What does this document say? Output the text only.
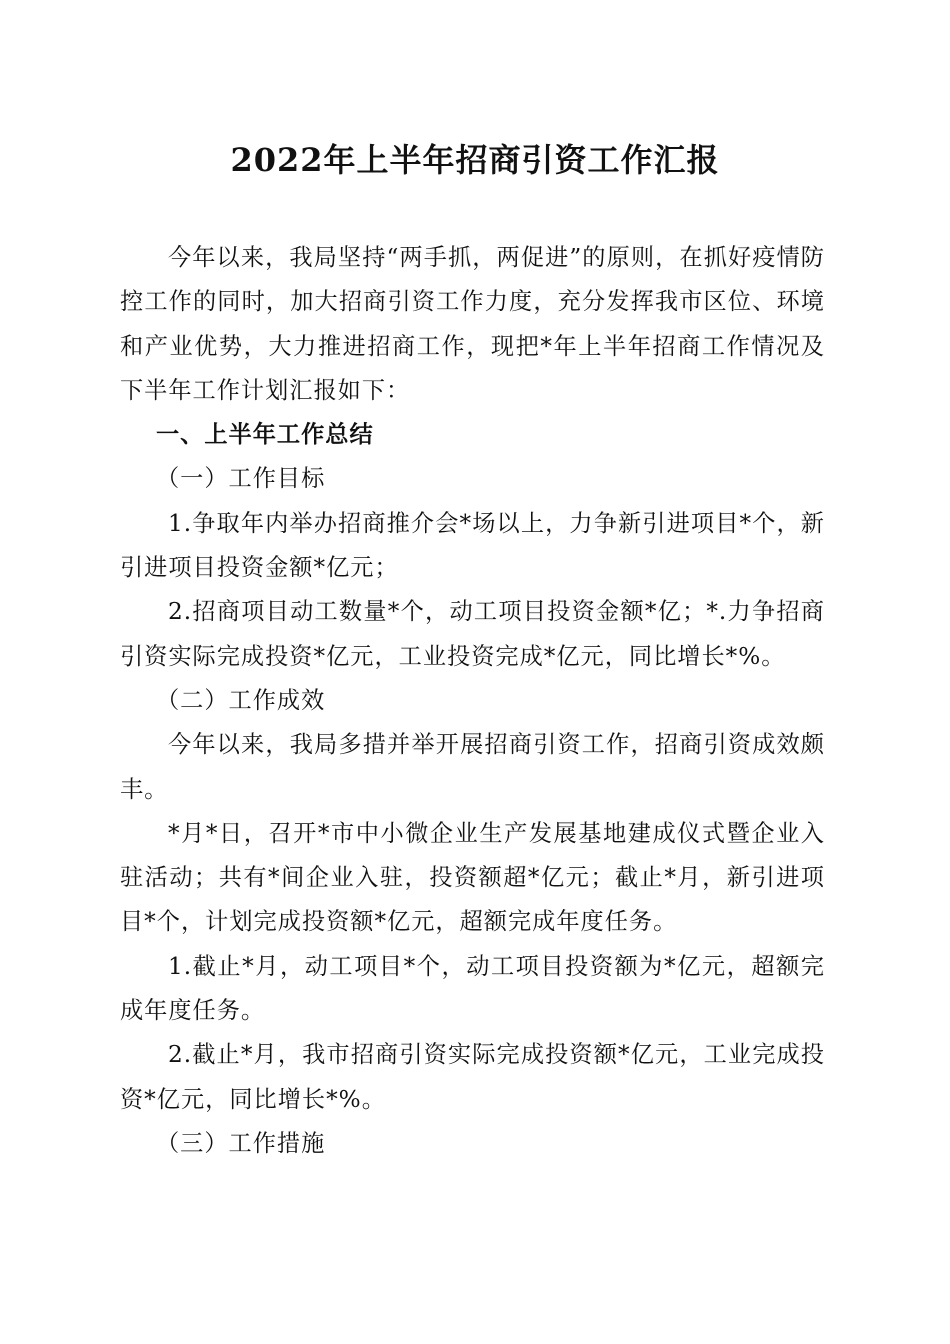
2022年上半年招商引资工作汇报

今年以来，我局坚持“两手抓，两促进”的原则，在抓好疫情防控工作的同时，加大招商引资工作力度，充分发挥我市区位、环境和产业优势，大力推进招商工作，现把*年上半年招商工作情况及下半年工作计划汇报如下：

一、上半年工作总结

（一）工作目标

1.争取年内举办招商推介会*场以上，力争新引进项目*个，新引进项目投资金额*亿元；

2.招商项目动工数量*个，动工项目投资金额*亿；*.力争招商引资实际完成投资*亿元，工业投资完成*亿元，同比增长*%。

（二）工作成效

今年以来，我局多措并举开展招商引资工作，招商引资成效颇丰。

*月*日，召开*市中小微企业生产发展基地建成仪式暨企业入驻活动；共有*间企业入驻，投资额超*亿元；截止*月，新引进项目*个，计划完成投资额*亿元，超额完成年度任务。

1.截止*月，动工项目*个，动工项目投资额为*亿元，超额完成年度任务。

2.截止*月，我市招商引资实际完成投资额*亿元，工业完成投资*亿元，同比增长*%。

（三）工作措施
